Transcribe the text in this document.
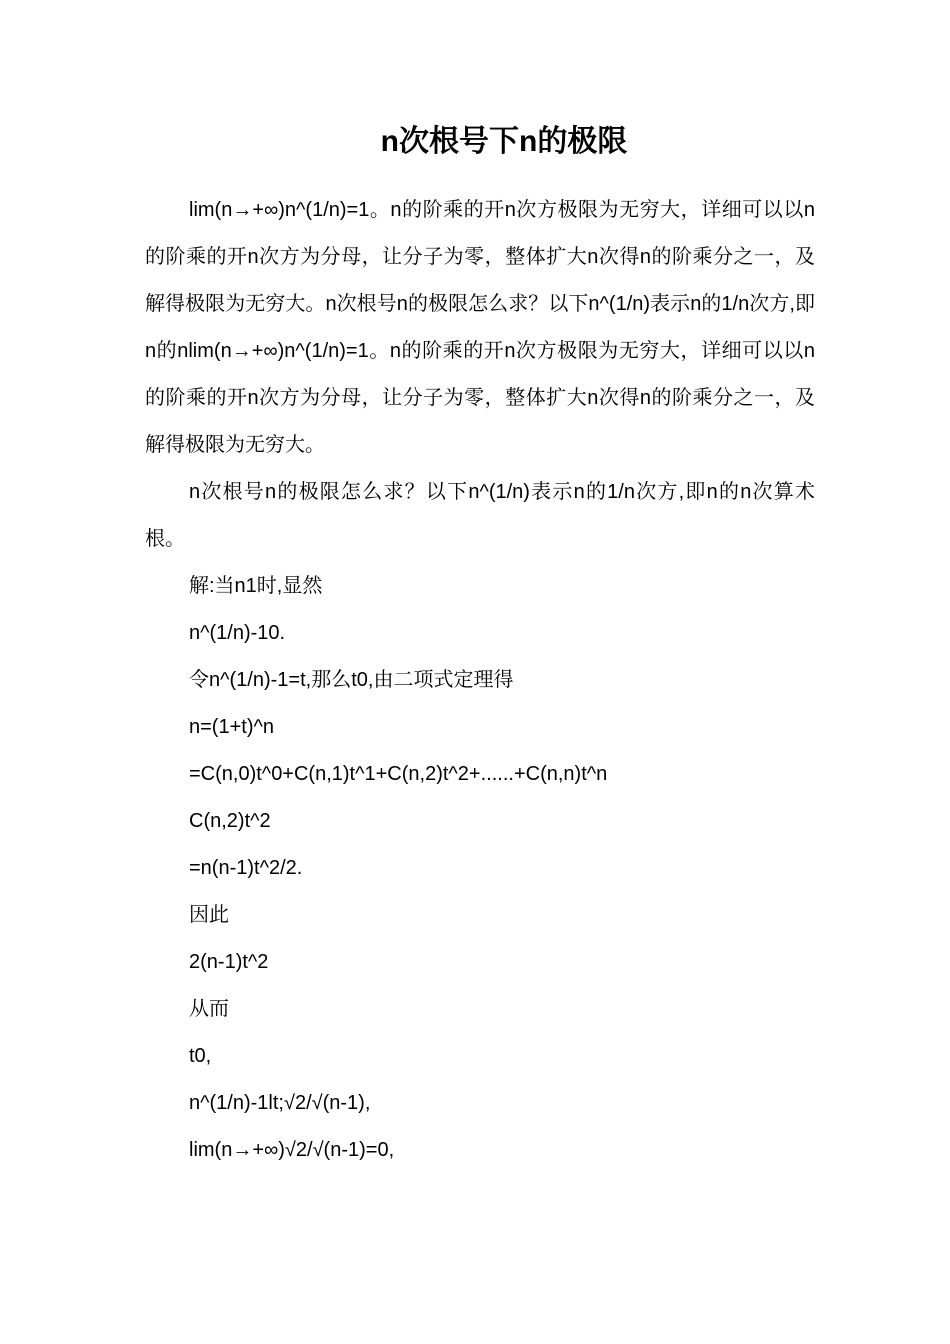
n次根号下n的极限

lim(n→+∞)n^(1/n)=1。n的阶乘的开n次方极限为无穷大，详细可以以n的阶乘的开n次方为分母，让分子为零，整体扩大n次得n的阶乘分之一，及解得极限为无穷大。n次根号n的极限怎么求？以下n^(1/n)表示n的1/n次方,即n的nlim(n→+∞)n^(1/n)=1。n的阶乘的开n次方极限为无穷大，详细可以以n的阶乘的开n次方为分母，让分子为零，整体扩大n次得n的阶乘分之一，及解得极限为无穷大。

n次根号n的极限怎么求？以下n^(1/n)表示n的1/n次方,即n的n次算术根。

解:当n1时,显然

n^(1/n)-10.

令n^(1/n)-1=t,那么t0,由二项式定理得

n=(1+t)^n

=C(n,0)t^0+C(n,1)t^1+C(n,2)t^2+......+C(n,n)t^n

C(n,2)t^2

=n(n-1)t^2/2.

因此

2(n-1)t^2

从而

t0,

n^(1/n)-1lt;√2/√(n-1),

lim(n→+∞)√2/√(n-1)=0,
